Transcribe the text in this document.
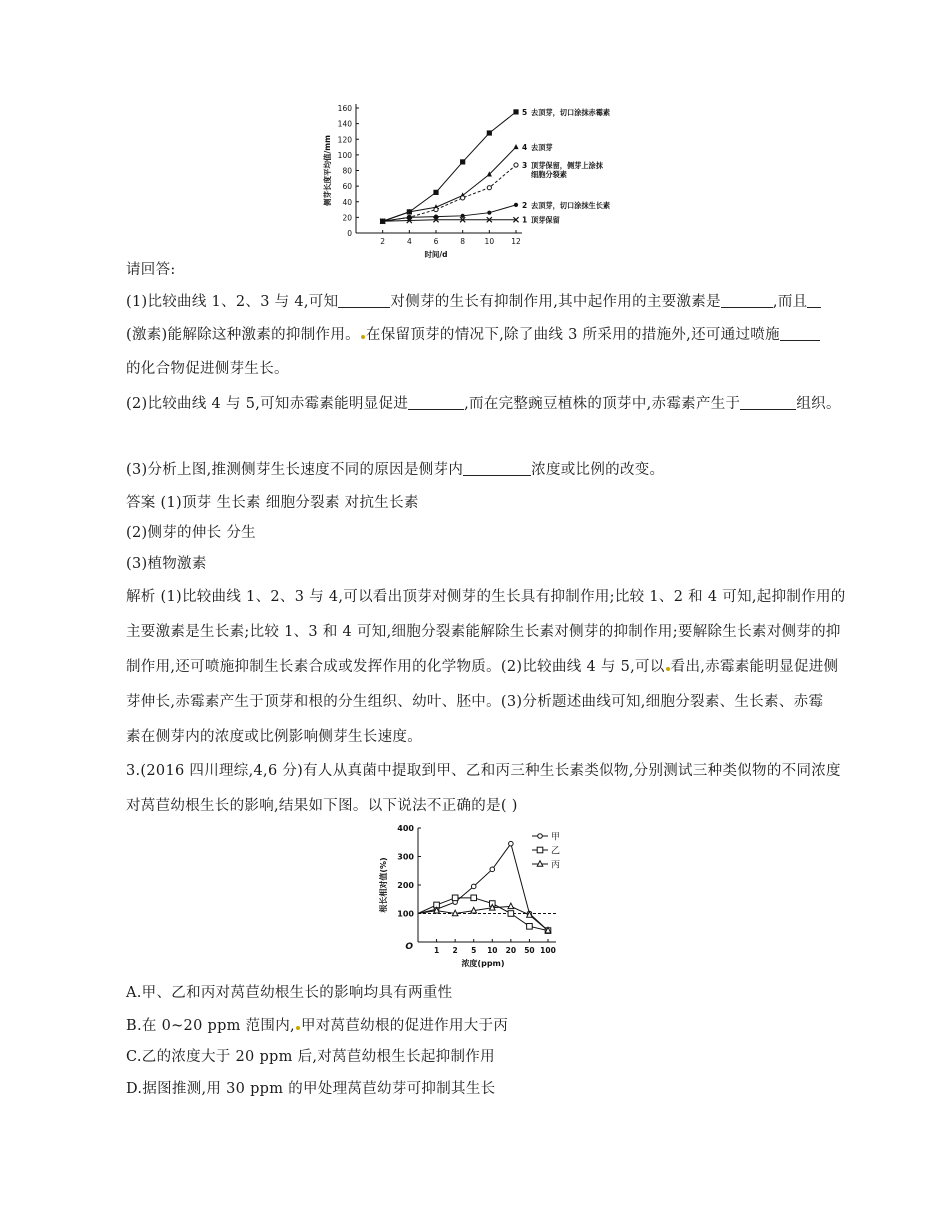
0
20
40
60
80
100
120
140
160
2	4	6	8	10 12
时间/d
侧芽长度平均值/mm
5 去顶芽，切口涂抹赤霉素
4 去顶芽
3 顶芽保留，侧芽上涂抹
细胞分裂素
2 去顶芽，切口涂抹生长素
1 顶芽保留
请回答:
(1)比较曲线 1、2、3 与 4,可知	对侧芽的生长有抑制作用,其中起作用的主要激素是	,而且
(激素)能解除这种激素的抑制作用。 在保留顶芽的情况下,除了曲线 3 所采用的措施外,还可通过喷施
的化合物促进侧芽生长。
(2)比较曲线 4 与 5,可知赤霉素能明显促进	,而在完整豌豆植株的顶芽中,赤霉素产生于	组织。
(3)分析上图,推测侧芽生长速度不同的原因是侧芽内	浓度或比例的改变。
答案 (1)顶芽 生长素 细胞分裂素 对抗生长素
(2)侧芽的伸长 分生
(3)植物激素
解析 (1)比较曲线 1、2、3 与 4,可以看出顶芽对侧芽的生长具有抑制作用;比较 1、2 和 4 可知,起抑制作用的
主要激素是生长素;比较 1、3 和 4 可知,细胞分裂素能解除生长素对侧芽的抑制作用;要解除生长素对侧芽的抑
制作用,还可喷施抑制生长素合成或发挥作用的化学物质。(2)比较曲线 4 与 5,可以 看出,赤霉素能明显促进侧
芽伸长,赤霉素产生于顶芽和根的分生组织、幼叶、胚中。(3)分析题述曲线可知,细胞分裂素、生长素、赤霉
素在侧芽内的浓度或比例影响侧芽生长速度。
3.(2016 四川理综,4,6 分)有人从真菌中提取到甲、乙和丙三种生长素类似物,分别测试三种类似物的不同浓度
对莴苣幼根生长的影响,结果如下图。以下说法不正确的是( )
100
200
300
400
1 2 5 10 20 50 100
O
浓度(ppm)
根长相对值(%)
甲
乙
丙
A.甲、乙和丙对莴苣幼根生长的影响均具有两重性
B.在 0~20 ppm 范围内, 甲对莴苣幼根的促进作用大于丙
C.乙的浓度大于 20 ppm 后,对莴苣幼根生长起抑制作用
D.据图推测,用 30 ppm 的甲处理莴苣幼芽可抑制其生长
